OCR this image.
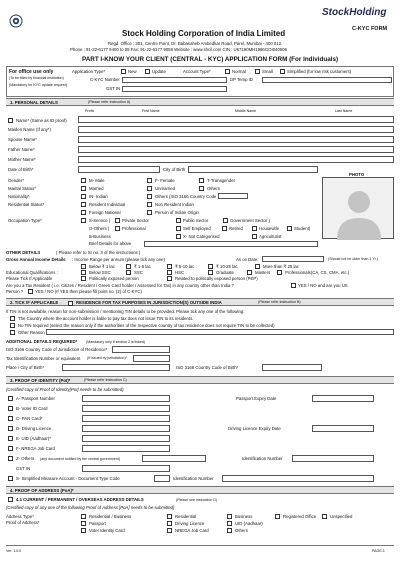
StockHolding
C-KYC FORM
Stock Holding Corporation of India Limited
Regd. Office : 301, Centre Point, Dr. Babasaheb Ambedkar Road, Parel, Mumbai - 400 012.
Phone : 91-22-6177 9400 to 09 Fax: 91-22-6177 9058 Website : www.shcil.com CIN : U67190MH1986GOI040506
PART I-KNOW YOUR CLIENT (CENTRAL - KYC) APPLICATION FORM (For Individuals)
For office use only
(To be filled by financial institution)
(Mandatory for KYC update request)
Application Type*	New	Update	Account Type*	Normal	Small	Simplified (for low risk customers)
C-KYC Number	DP Temp ID
GST IN
1. PERSONAL DETAILS	(Please refer instruction A)
Prefix	First Name	Middle Name	Last Name
Name* (Same as ID proof)
Maiden Name (If any*)
Spouse Name*
Father Name*
Mother Name*
Date of Birth*	City of Birth
PHOTO
Gender*	M- Male	F- Female	T-Transgender
Marital Status*	Married	Unmarried	Others
Nationality*	IN- Indian	Others (ISO 3166 Country Code
Residential Status*	Resident Individual	Non Resident Indian
Foreign National	Person of Indian Origin
Occupation Type*	S-Service (	Private Sector	Public Sector	Government Sector )
O-Others (	Professional	Self Employed	Retired	Housewife	Student)
B-Business	X- Not Categorised	Agriculturist
Brief Details for above
OTHER DETAILS	( Please refer to Sr no. 3 of the instructions )
Gross Annual Income Details : Income Range per annum (please tick any one)	As on Date:	(Should not be older than 1 Yr.)
Below ₹ 1 lac	₹ 1-5 lac	₹ 5-10 lac	₹ 10-25 lac	More than ₹ 25 lac
Educational Qualifications :
Please Tick If Applicable
Below SSC	SSC	HSC	Graduate	Masters	Professionals(CA, CS, CMA, etc.)
Politically exposed person	Related to politically exposed person (PEP)
Are you a Tax Resident ( i.e. Citizen / Resident / Green Card holder / Assessed for Tax) in any country other than India ?	YES / NO and are you US
Person ?	YES / NO (If YES then please fill point no. (2) of C-KYC)
2. TICK IF APPLICABLE	RESIDENCE FOR TAX PURPOSES IN JURISDICTION(S) OUTSIDE INDIA	(Please refer instruction B)
If TIN is not available, reason for non-submission / mentioning TIN details to be provided. Please tick any one of the following:
The Country where the account holder is liable to pay tax does not issue TIN to its residents.
No TIN required (select the reason only if the authorities of the respective country of tax residence does not require TIN to be collected)
Other Reason
ADDITIONAL DETAILS REQUIRED* (Mandatory only if section 2 is ticked)
ISO 3166 Country Code of Jurisdiction of Residence*
Tax Identification Number or equivalent (If issued by jurisdiction)*
Place / City of Birth*	ISO 3166 Country Code of Birth*
3. PROOF OF IDENTITY (PoI)*	(Please refer instruction C)
(Certified copy of Proof of Identity[PoI] needs to be submitted)
A- Passport Number	Passport Expiry Date
B- Voter ID Card
C- PAN Card*
D- Driving Licence	Driving Licence Expiry Date
E- UID (Aadhaar)*
F- NREGA Job Card
Z- Others (any document notified by the central government)	Identification Number
GST IN
S- Simplified Measure Account - Document Type Code	Identification Number
4. PROOF OF ADDRESS (PoA)*
4.1 CURRENT / PERMANENT / OVERSEAS ADDRESS DETAILS	(Please see instruction D)
(Certified copy of any one of the following Proof of Address [PoA] needs to be submitted)
Address Type*
Proof of Address*
Residential / Business	Residential	Business	Registered Office	Unspecified
Passport	Driving Licence	UID (Aadhaar)
Voter Identity Card	NREGA Job Card	Others
Ver. 1.0.0	PAGE-1
